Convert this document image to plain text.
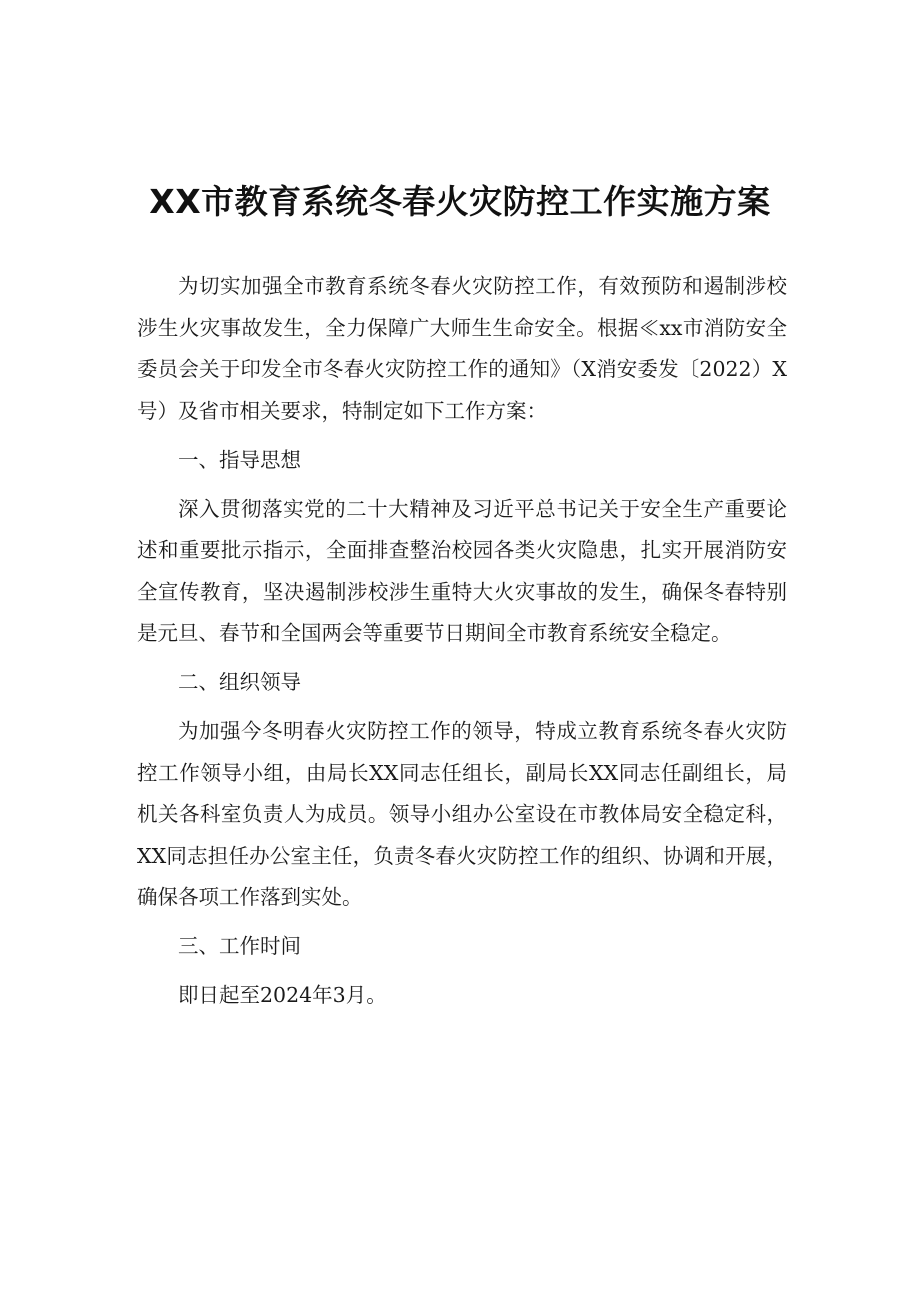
XX市教育系统冬春火灾防控工作实施方案

为切实加强全市教育系统冬春火灾防控工作，有效预防和遏制涉校涉生火灾事故发生，全力保障广大师生生命安全。根据≪xx市消防安全委员会关于印发全市冬春火灾防控工作的通知》（X消安委发〔2022）X号）及省市相关要求，特制定如下工作方案：

一、指导思想

深入贯彻落实党的二十大精神及习近平总书记关于安全生产重要论述和重要批示指示，全面排查整治校园各类火灾隐患，扎实开展消防安全宣传教育，坚决遏制涉校涉生重特大火灾事故的发生，确保冬春特别是元旦、春节和全国两会等重要节日期间全市教育系统安全稳定。

二、组织领导

为加强今冬明春火灾防控工作的领导，特成立教育系统冬春火灾防控工作领导小组，由局长XX同志任组长，副局长XX同志任副组长，局机关各科室负责人为成员。领导小组办公室设在市教体局安全稳定科，XX同志担任办公室主任，负责冬春火灾防控工作的组织、协调和开展，确保各项工作落到实处。

三、工作时间

即日起至2024年3月。
